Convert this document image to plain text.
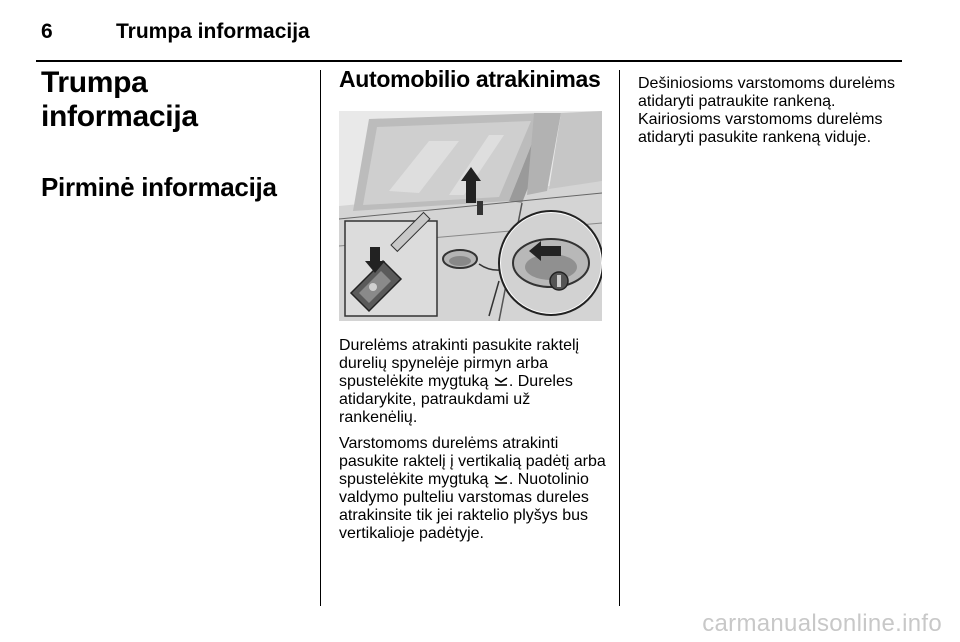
6	Trumpa informacija
Trumpa informacija
Pirminė informacija
Automobilio atrakinimas

Durelėms atrakinti pasukite raktelį durelių spynelėje pirmyn arba spustelėkite mygtuką . Dureles atidarykite, patraukdami už rankenėlių.

Varstomoms durelėms atrakinti pasukite raktelį į vertikalią padėtį arba spustelėkite mygtuką . Nuotolinio valdymo pulteliu varstomas dureles atrakinsite tik jei raktelio plyšys bus vertikalioje padėtyje.

Dešiniosioms varstomoms durelėms atidaryti patraukite rankeną.

Kairiosioms varstomoms durelėms atidaryti pasukite rankeną viduje.

carmanualsonline.info
